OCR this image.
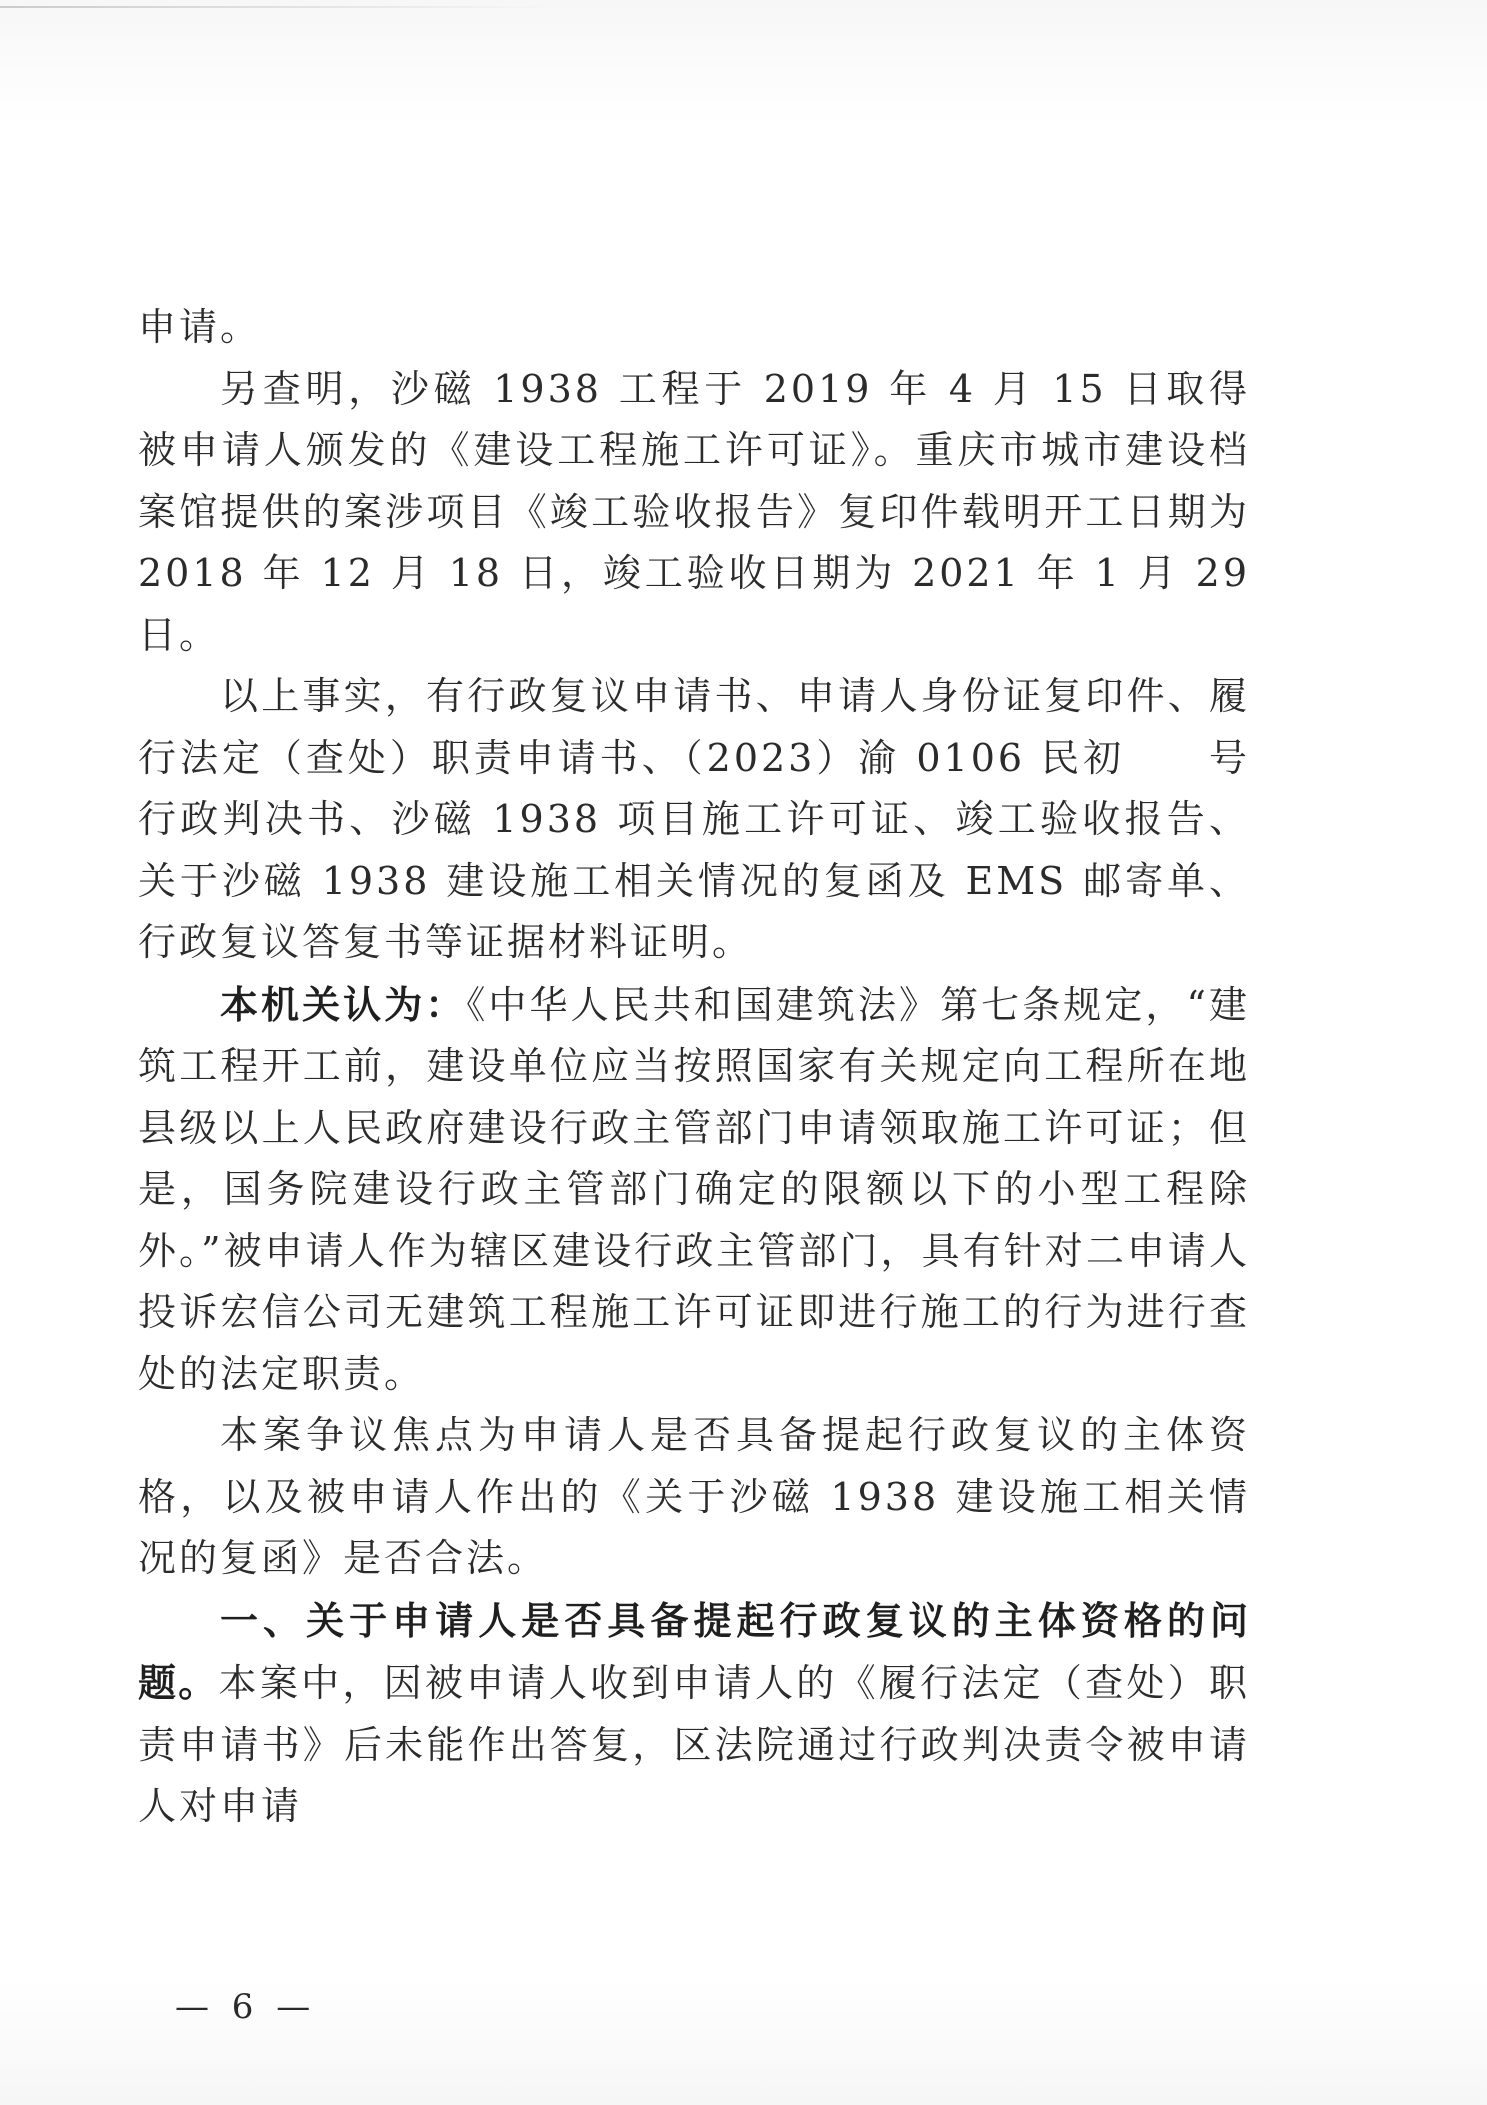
申请。

另查明，沙磁 1938 工程于 2019 年 4 月 15 日取得被申请人颁发的《建设工程施工许可证》。重庆市城市建设档案馆提供的案涉项目《竣工验收报告》复印件载明开工日期为 2018 年 12 月 18 日，竣工验收日期为 2021 年 1 月 29 日。

以上事实，有行政复议申请书、申请人身份证复印件、履行法定（查处）职责申请书、（2023）渝 0106 民初　　号行政判决书、沙磁 1938 项目施工许可证、竣工验收报告、关于沙磁 1938 建设施工相关情况的复函及 EMS 邮寄单、行政复议答复书等证据材料证明。

本机关认为：《中华人民共和国建筑法》第七条规定，“建筑工程开工前，建设单位应当按照国家有关规定向工程所在地县级以上人民政府建设行政主管部门申请领取施工许可证；但是，国务院建设行政主管部门确定的限额以下的小型工程除外。”被申请人作为辖区建设行政主管部门，具有针对二申请人投诉宏信公司无建筑工程施工许可证即进行施工的行为进行查处的法定职责。

本案争议焦点为申请人是否具备提起行政复议的主体资格，以及被申请人作出的《关于沙磁 1938 建设施工相关情况的复函》是否合法。

一、关于申请人是否具备提起行政复议的主体资格的问题。本案中，因被申请人收到申请人的《履行法定（查处）职责申请书》后未能作出答复，区法院通过行政判决责令被申请人对申请

— 6 —
